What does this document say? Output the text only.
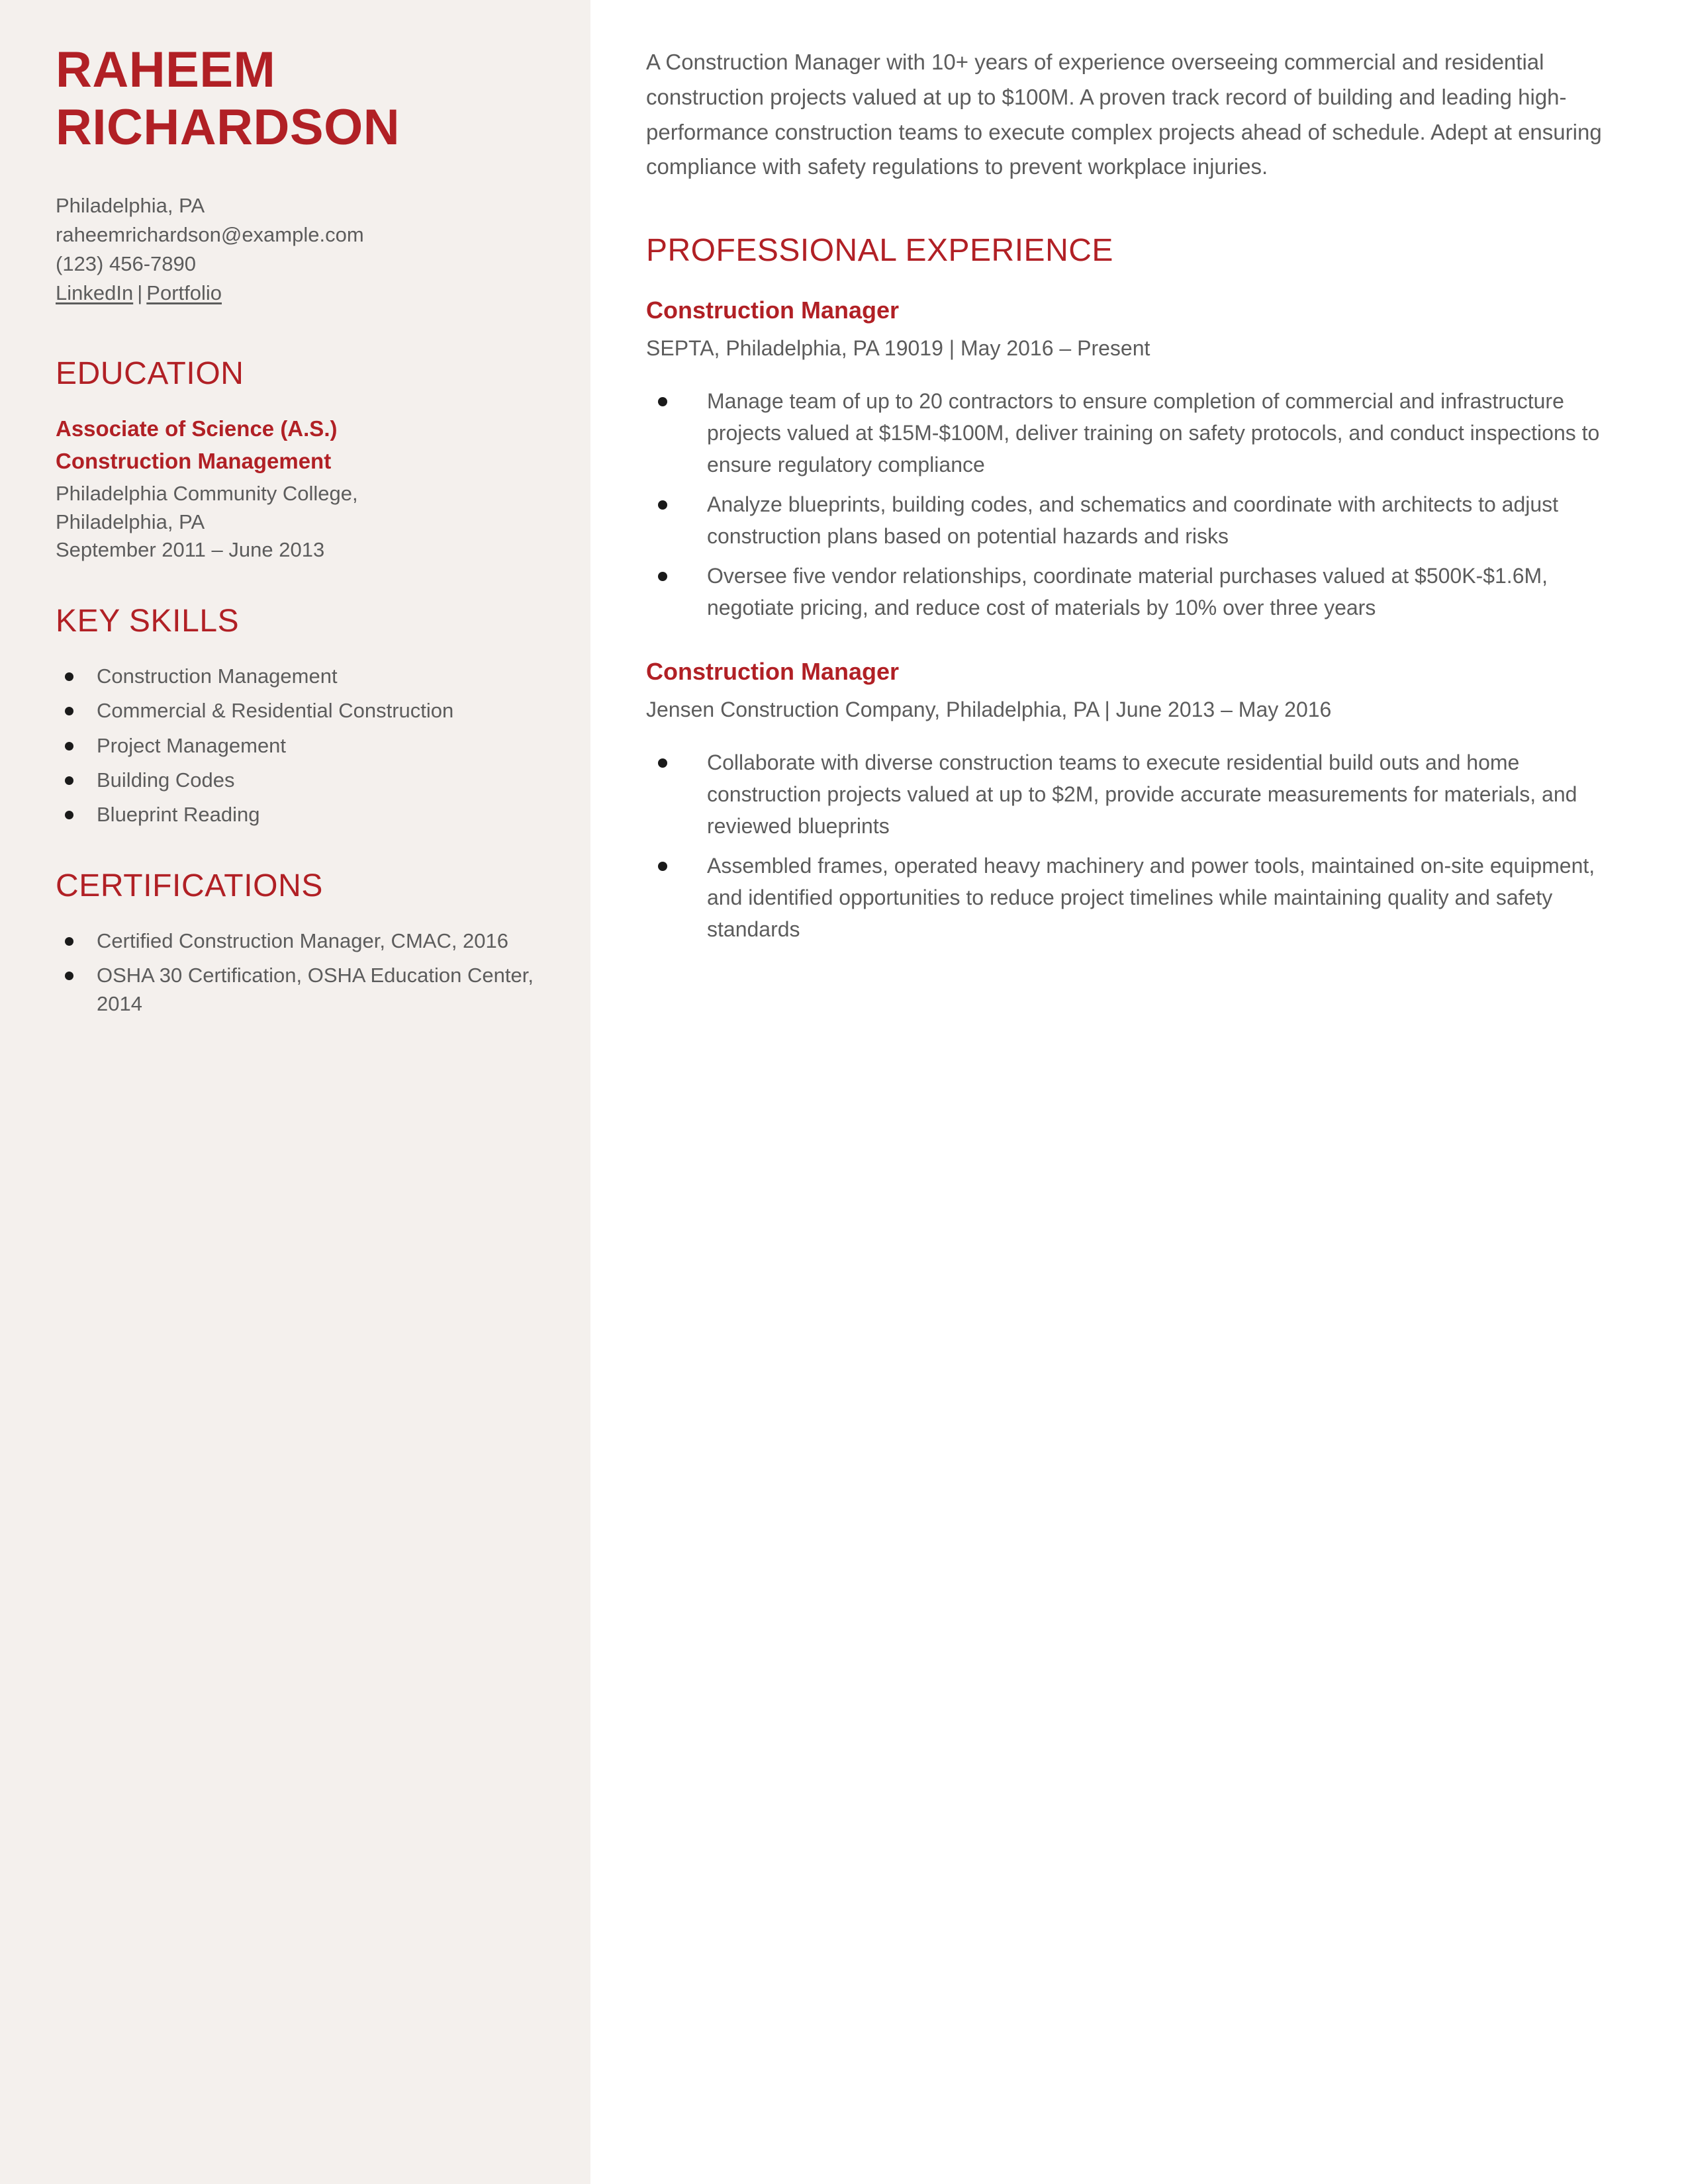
RAHEEM
RICHARDSON
Philadelphia, PA
raheemrichardson@example.com
(123) 456-7890
LinkedIn | Portfolio
EDUCATION
Associate of Science (A.S.)
Construction Management
Philadelphia Community College,
Philadelphia, PA
September 2011 – June 2013
KEY SKILLS
Construction Management
Commercial & Residential Construction
Project Management
Building Codes
Blueprint Reading
CERTIFICATIONS
Certified Construction Manager, CMAC, 2016
OSHA 30 Certification, OSHA Education Center, 2014

A Construction Manager with 10+ years of experience overseeing commercial and residential construction projects valued at up to $100M. A proven track record of building and leading high-performance construction teams to execute complex projects ahead of schedule. Adept at ensuring compliance with safety regulations to prevent workplace injuries.

PROFESSIONAL EXPERIENCE
Construction Manager
SEPTA, Philadelphia, PA 19019 | May 2016 – Present
Manage team of up to 20 contractors to ensure completion of commercial and infrastructure projects valued at $15M-$100M, deliver training on safety protocols, and conduct inspections to ensure regulatory compliance
Analyze blueprints, building codes, and schematics and coordinate with architects to adjust construction plans based on potential hazards and risks
Oversee five vendor relationships, coordinate material purchases valued at $500K-$1.6M, negotiate pricing, and reduce cost of materials by 10% over three years
Construction Manager
Jensen Construction Company, Philadelphia, PA | June 2013 – May 2016
Collaborate with diverse construction teams to execute residential build outs and home construction projects valued at up to $2M, provide accurate measurements for materials, and reviewed blueprints
Assembled frames, operated heavy machinery and power tools, maintained on-site equipment, and identified opportunities to reduce project timelines while maintaining quality and safety standards
